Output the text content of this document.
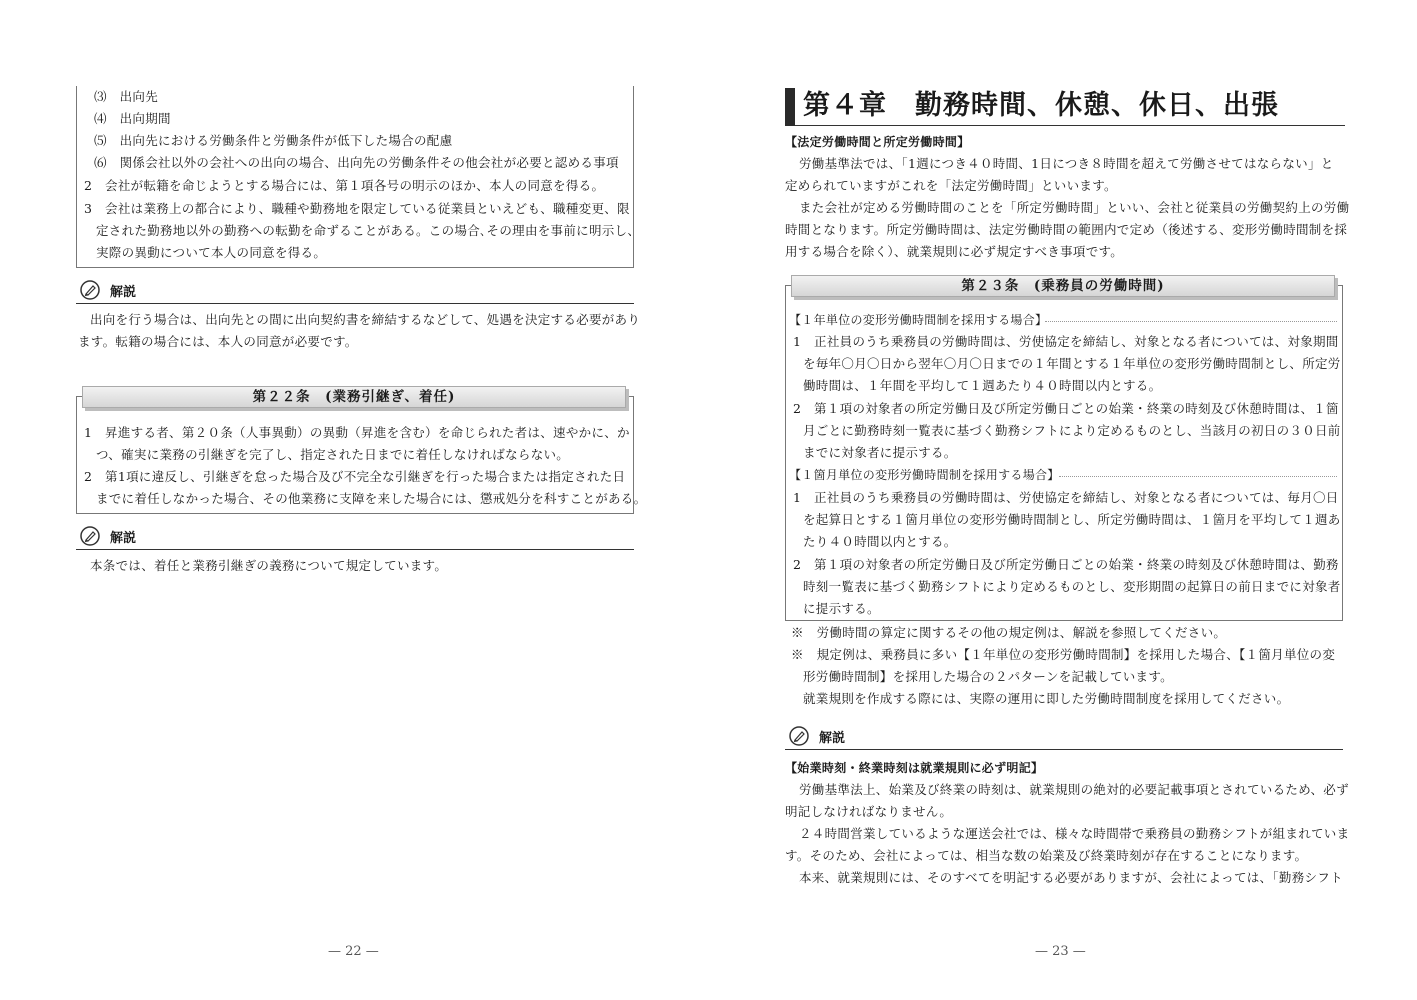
⑶　出向先
⑷　出向期間
⑸　出向先における労働条件と労働条件が低下した場合の配慮
⑹　関係会社以外の会社への出向の場合、出向先の労働条件その他会社が必要と認める事項
2　会社が転籍を命じようとする場合には、第１項各号の明示のほか、本人の同意を得る。
3　会社は業務上の都合により、職種や勤務地を限定している従業員といえども、職種変更、限
定された勤務地以外の勤務への転勤を命ずることがある。この場合､その理由を事前に明示し、
実際の異動について本人の同意を得る。
解説
出向を行う場合は、出向先との間に出向契約書を締結するなどして、処遇を決定する必要があり
ます。転籍の場合には、本人の同意が必要です。
第２２条　(業務引継ぎ、着任)
1　昇進する者、第２０条（人事異動）の異動（昇進を含む）を命じられた者は、速やかに、か
つ、確実に業務の引継ぎを完了し、指定された日までに着任しなければならない。
2　第1項に違反し、引継ぎを怠った場合及び不完全な引継ぎを行った場合または指定された日
までに着任しなかった場合、その他業務に支障を来した場合には、懲戒処分を科すことがある。
解説
本条では、着任と業務引継ぎの義務について規定しています。
— 22 —
第４章　勤務時間、休憩、休日、出張
【法定労働時間と所定労働時間】
労働基準法では、「1週につき４０時間、1日につき８時間を超えて労働させてはならない」と
定められていますがこれを「法定労働時間」といいます。
また会社が定める労働時間のことを「所定労働時間」といい、会社と従業員の労働契約上の労働
時間となります。所定労働時間は、法定労働時間の範囲内で定め（後述する、変形労働時間制を採
用する場合を除く）、就業規則に必ず規定すべき事項です。
第２３条　(乗務員の労働時間)
【１年単位の変形労働時間制を採用する場合】
1　正社員のうち乗務員の労働時間は、労使協定を締結し、対象となる者については、対象期間
を毎年〇月〇日から翌年〇月〇日までの１年間とする１年単位の変形労働時間制とし、所定労
働時間は、１年間を平均して１週あたり４０時間以内とする。
2　第１項の対象者の所定労働日及び所定労働日ごとの始業・終業の時刻及び休憩時間は、１箇
月ごとに勤務時刻一覧表に基づく勤務シフトにより定めるものとし、当該月の初日の３０日前
までに対象者に提示する。
【１箇月単位の変形労働時間制を採用する場合】
1　正社員のうち乗務員の労働時間は、労使協定を締結し、対象となる者については、毎月〇日
を起算日とする１箇月単位の変形労働時間制とし、所定労働時間は、１箇月を平均して１週あ
たり４０時間以内とする。
2　第１項の対象者の所定労働日及び所定労働日ごとの始業・終業の時刻及び休憩時間は、勤務
時刻一覧表に基づく勤務シフトにより定めるものとし、変形期間の起算日の前日までに対象者
に提示する。
※　労働時間の算定に関するその他の規定例は、解説を参照してください。
※　規定例は、乗務員に多い【１年単位の変形労働時間制】を採用した場合、【１箇月単位の変
形労働時間制】を採用した場合の２パターンを記載しています。
就業規則を作成する際には、実際の運用に即した労働時間制度を採用してください。
解説
【始業時刻・終業時刻は就業規則に必ず明記】
労働基準法上、始業及び終業の時刻は、就業規則の絶対的必要記載事項とされているため、必ず
明記しなければなりません。
２４時間営業しているような運送会社では、様々な時間帯で乗務員の勤務シフトが組まれていま
す。そのため、会社によっては、相当な数の始業及び終業時刻が存在することになります。
本来、就業規則には、そのすべてを明記する必要がありますが、会社によっては、「勤務シフト
— 23 —
